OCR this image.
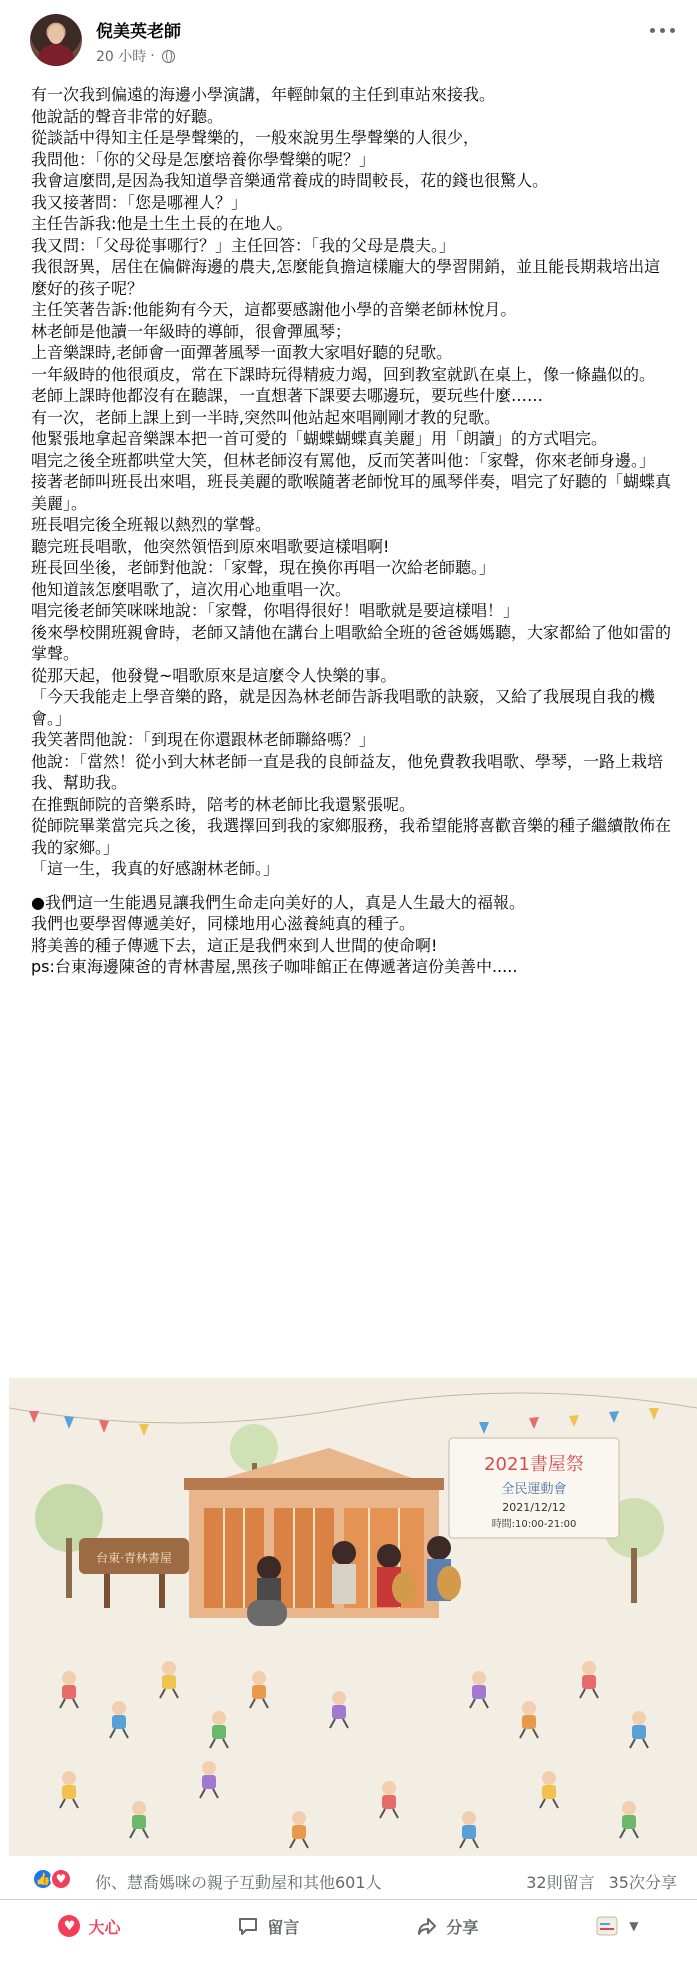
倪美英老師
20 小時 ·

有一次我到偏遠的海邊小學演講，年輕帥氣的主任到車站來接我。

他說話的聲音非常的好聽。

從談話中得知主任是學聲樂的，一般來說男生學聲樂的人很少，

我問他：「你的父母是怎麼培養你學聲樂的呢？」

我會這麼問,是因為我知道學音樂通常養成的時間較長，花的錢也很驚人。

我又接著問：「您是哪裡人？」

主任告訴我:他是土生土長的在地人。

我又問：「父母從事哪行？」主任回答：「我的父母是農夫。」

我很訝異，居住在偏僻海邊的農夫,怎麼能負擔這樣龐大的學習開銷，並且能長期栽培出這麼好的孩子呢？

主任笑著告訴:他能夠有今天，這都要感謝他小學的音樂老師林悅月。

林老師是他讀一年級時的導師，很會彈風琴；

上音樂課時,老師會一面彈著風琴一面教大家唱好聽的兒歌。

一年級時的他很頑皮，常在下課時玩得精疲力竭，回到教室就趴在桌上，像一條蟲似的。

老師上課時他都沒有在聽課，一直想著下課要去哪邊玩，要玩些什麼……

有一次，老師上課上到一半時,突然叫他站起來唱剛剛才教的兒歌。

他緊張地拿起音樂課本把一首可愛的「蝴蝶蝴蝶真美麗」用「朗讀」的方式唱完。

唱完之後全班都哄堂大笑，但林老師沒有罵他，反而笑著叫他：「家聲，你來老師身邊。」

接著老師叫班長出來唱，班長美麗的歌喉隨著老師悅耳的風琴伴奏，唱完了好聽的「蝴蝶真美麗」。

班長唱完後全班報以熱烈的掌聲。

聽完班長唱歌，他突然領悟到原來唱歌要這樣唱啊!

班長回坐後，老師對他說：「家聲，現在換你再唱一次給老師聽。」

他知道該怎麼唱歌了，這次用心地重唱一次。

唱完後老師笑咪咪地說：「家聲，你唱得很好！唱歌就是要這樣唱！」

後來學校開班親會時，老師又請他在講台上唱歌給全班的爸爸媽媽聽，大家都給了他如雷的掌聲。

從那天起，他發覺~唱歌原來是這麼令人快樂的事。

「今天我能走上學音樂的路，就是因為林老師告訴我唱歌的訣竅，又給了我展現自我的機會。」

我笑著問他說：「到現在你還跟林老師聯絡嗎？」

他說：「當然！從小到大林老師一直是我的良師益友，他免費教我唱歌、學琴，一路上栽培我、幫助我。

在推甄師院的音樂系時，陪考的林老師比我還緊張呢。

從師院畢業當完兵之後，我選擇回到我的家鄉服務，我希望能將喜歡音樂的種子繼續散佈在我的家鄉。」

「這一生，我真的好感謝林老師。」

●我們這一生能遇見讓我們生命走向美好的人，真是人生最大的福報。

我們也要學習傳遞美好，同樣地用心滋養純真的種子。

將美善的種子傳遞下去，這正是我們來到人世間的使命啊!

ps:台東海邊陳爸的青林書屋,黑孩子咖啡館正在傳遞著這份美善中.....

台東·青林書屋
2021書屋祭
全民運動會
2021/12/12
時間:10:00-21:00
👍 ♥	你、慧喬媽咪の親子互動屋和其他601人	32則留言 35次分享
♥ 大心	留言	分享	▼
